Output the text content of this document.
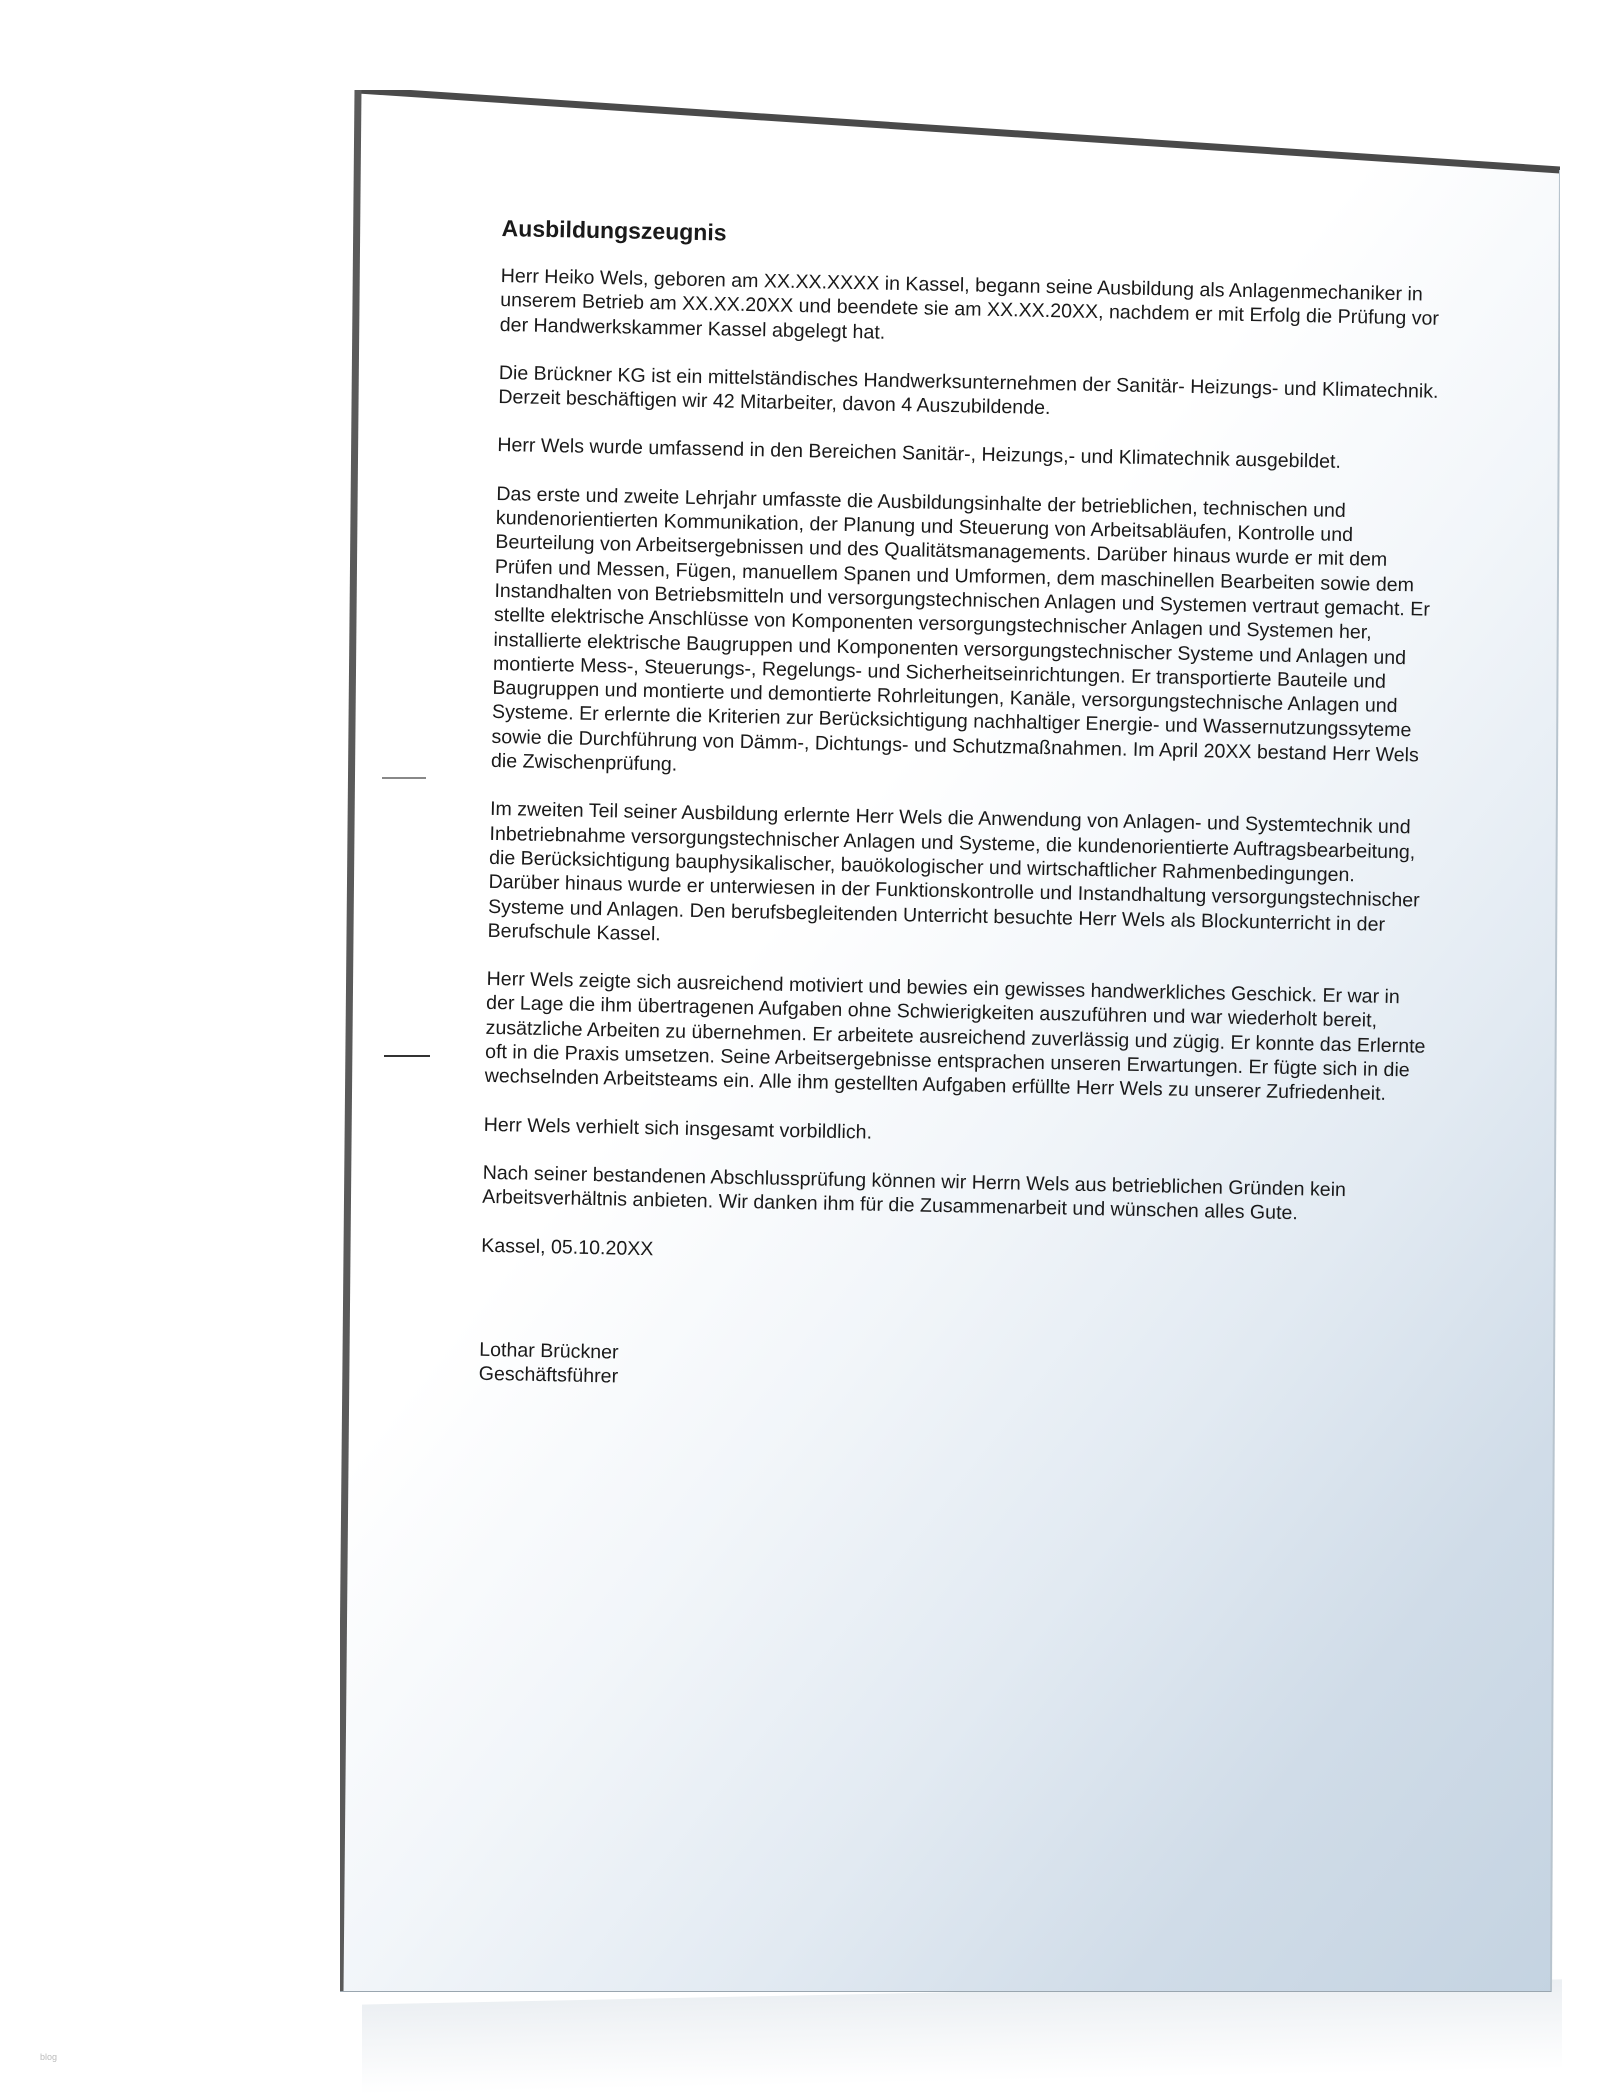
Ausbildungszeugnis

Herr Heiko Wels, geboren am XX.XX.XXXX in Kassel, begann seine Ausbildung als Anlagenmechaniker in unserem Betrieb am XX.XX.20XX und beendete sie am XX.XX.20XX, nachdem er mit Erfolg die Prüfung vor der Handwerkskammer Kassel abgelegt hat.

Die Brückner KG ist ein mittelständisches Handwerksunternehmen der Sanitär- Heizungs- und Klimatechnik. Derzeit beschäftigen wir 42 Mitarbeiter, davon 4 Auszubildende.

Herr Wels wurde umfassend in den Bereichen Sanitär-, Heizungs,- und Klimatechnik ausgebildet.

Das erste und zweite Lehrjahr umfasste die Ausbildungsinhalte der betrieblichen, technischen und kundenorientierten Kommunikation, der Planung und Steuerung von Arbeitsabläufen, Kontrolle und Beurteilung von Arbeitsergebnissen und des Qualitätsmanagements. Darüber hinaus wurde er mit dem Prüfen und Messen, Fügen, manuellem Spanen und Umformen, dem maschinellen Bearbeiten sowie dem Instandhalten von Betriebsmitteln und versorgungstechnischen Anlagen und Systemen vertraut gemacht. Er stellte elektrische Anschlüsse von Komponenten versorgungstechnischer Anlagen und Systemen her, installierte elektrische Baugruppen und Komponenten versorgungstechnischer Systeme und Anlagen und montierte Mess-, Steuerungs-, Regelungs- und Sicherheitseinrichtungen. Er transportierte Bauteile und Baugruppen und montierte und demontierte Rohrleitungen, Kanäle, versorgungstechnische Anlagen und Systeme. Er erlernte die Kriterien zur Berücksichtigung nachhaltiger Energie- und Wassernutzungssyteme sowie die Durchführung von Dämm-, Dichtungs- und Schutzmaßnahmen. Im April 20XX bestand Herr Wels die Zwischenprüfung.

Im zweiten Teil seiner Ausbildung erlernte Herr Wels die Anwendung von Anlagen- und Systemtechnik und Inbetriebnahme versorgungstechnischer Anlagen und Systeme, die kundenorientierte Auftragsbearbeitung, die Berücksichtigung bauphysikalischer, bauökologischer und wirtschaftlicher Rahmenbedingungen. Darüber hinaus wurde er unterwiesen in der Funktionskontrolle und Instandhaltung versorgungstechnischer Systeme und Anlagen. Den berufsbegleitenden Unterricht besuchte Herr Wels als Blockunterricht in der Berufschule Kassel.

Herr Wels zeigte sich ausreichend motiviert und bewies ein gewisses handwerkliches Geschick. Er war in der Lage die ihm übertragenen Aufgaben ohne Schwierigkeiten auszuführen und war wiederholt bereit, zusätzliche Arbeiten zu übernehmen. Er arbeitete ausreichend zuverlässig und zügig. Er konnte das Erlernte oft in die Praxis umsetzen. Seine Arbeitsergebnisse entsprachen unseren Erwartungen. Er fügte sich in die wechselnden Arbeitsteams ein. Alle ihm gestellten Aufgaben erfüllte Herr Wels zu unserer Zufriedenheit.

Herr Wels verhielt sich insgesamt vorbildlich.

Nach seiner bestandenen Abschlussprüfung können wir Herrn Wels aus betrieblichen Gründen kein Arbeitsverhältnis anbieten. Wir danken ihm für die Zusammenarbeit und wünschen alles Gute.

Kassel, 05.10.20XX

Lothar Brückner
Geschäftsführer
blog
